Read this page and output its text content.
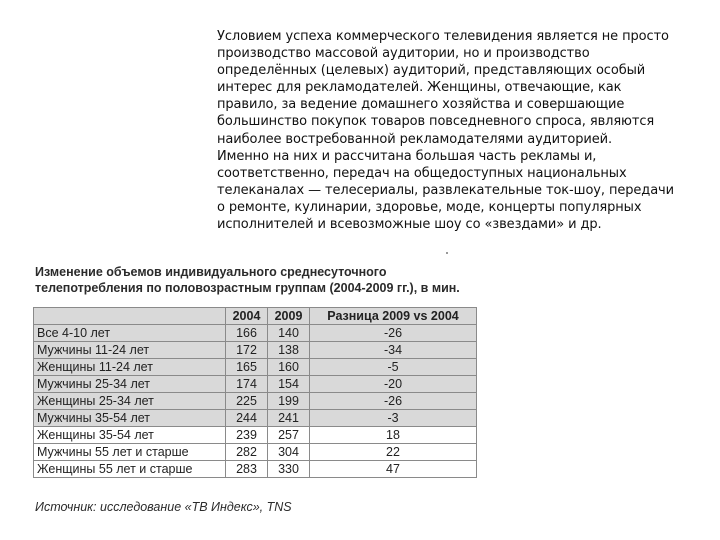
Условием успеха коммерческого телевидения является не просто
производство массовой аудитории, но и производство
определённых (целевых) аудиторий, представляющих особый
интерес для рекламодателей. Женщины, отвечающие, как
правило, за ведение домашнего хозяйства и совершающие
большинство покупок товаров повседневного спроса, являются
наиболее востребованной рекламодателями аудиторией.
Именно на них и рассчитана большая часть рекламы и,
соответственно, передач на общедоступных национальных
телеканалах — телесериалы, развлекательные ток-шоу, передачи
о ремонте, кулинарии, здоровье, моде, концерты популярных
исполнителей и всевозможные шоу со «звездами» и др.
Изменение объемов индивидуального среднесуточного
телепотребления по половозрастным группам (2004-2009 гг.), в мин.
	2004	2009	Разница 2009 vs 2004
Все 4-10 лет	166	140	-26
Мужчины 11-24 лет	172	138	-34
Женщины 11-24 лет	165	160	-5
Мужчины 25-34 лет	174	154	-20
Женщины 25-34 лет	225	199	-26
Мужчины 35-54 лет	244	241	-3
Женщины 35-54 лет	239	257	18
Мужчины 55 лет и старше	282	304	22
Женщины 55 лет и старше	283	330	47
Источник: исследование «ТВ Индекс», TNS
